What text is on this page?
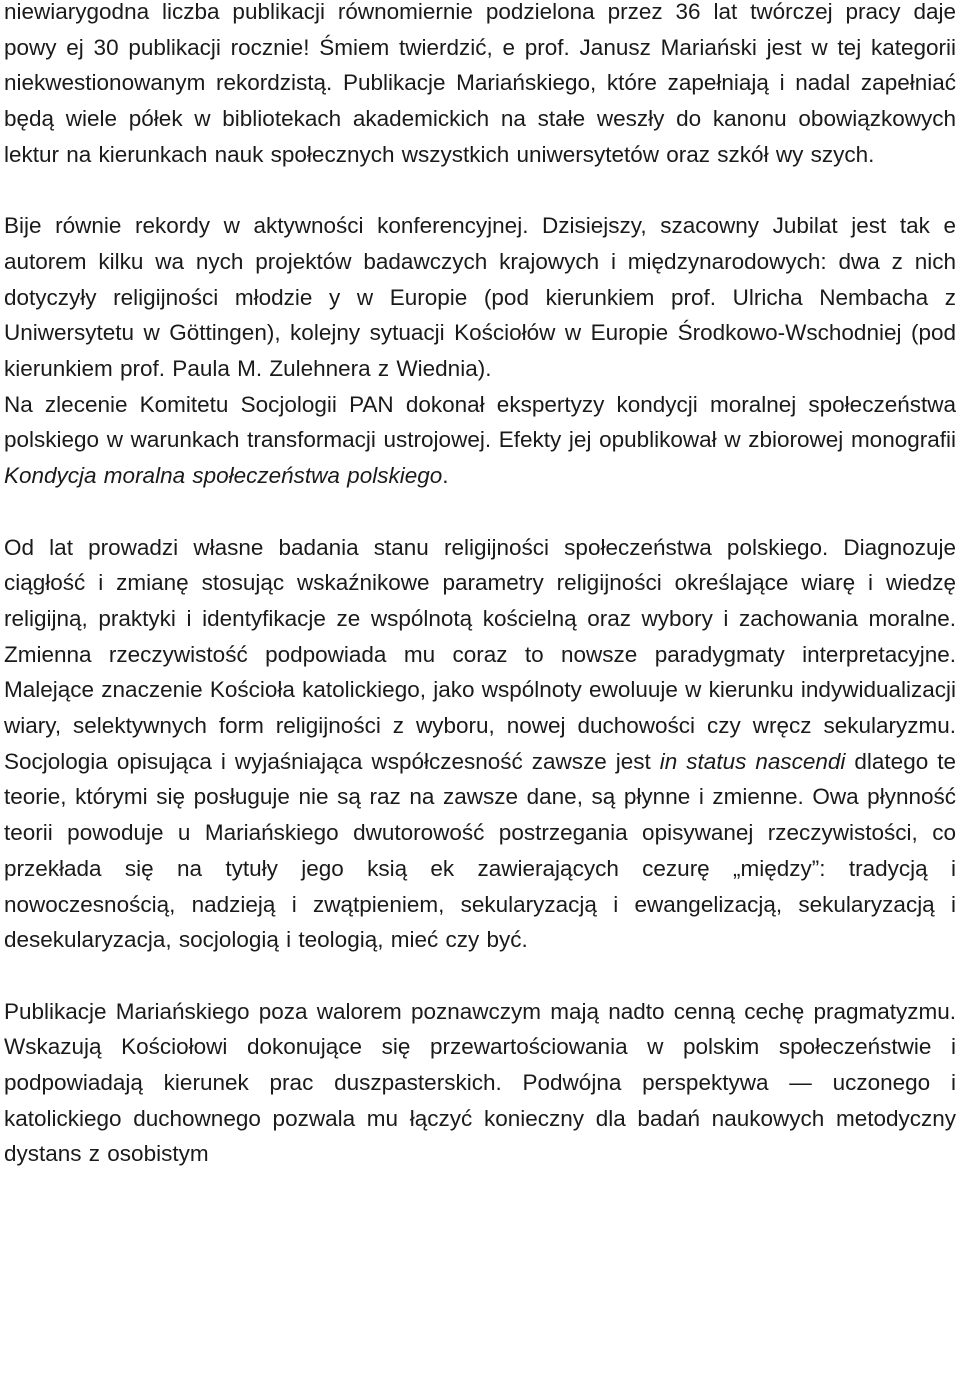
niewiarygodna liczba publikacji równomiernie podzielona przez 36 lat twórczej pracy daje powy ej 30 publikacji rocznie! Śmiem twierdzić, e prof. Janusz Mariański jest w tej kategorii niekwestionowanym rekordzistą. Publikacje Mariańskiego, które zapełniają i nadal zapełniać będą wiele półek w bibliotekach akademickich na stałe weszły do kanonu obowiązkowych lektur na kierunkach nauk społecznych wszystkich uniwersytetów oraz szkół wy szych.

Bije równie rekordy w aktywności konferencyjnej. Dzisiejszy, szacowny Jubilat jest tak e autorem kilku wa nych projektów badawczych krajowych i międzynarodowych: dwa z nich dotyczyły religijności młodzie y w Europie (pod kierunkiem prof. Ulricha Nembacha z Uniwersytetu w Göttingen), kolejny sytuacji Kościołów w Europie Środkowo-Wschodniej (pod kierunkiem prof. Paula M. Zulehnera z Wiednia).

Na zlecenie Komitetu Socjologii PAN dokonał ekspertyzy kondycji moralnej społeczeństwa polskiego w warunkach transformacji ustrojowej. Efekty jej opublikował w zbiorowej monografii Kondycja moralna społeczeństwa polskiego.

Od lat prowadzi własne badania stanu religijności społeczeństwa polskiego. Diagnozuje ciągłość i zmianę stosując wskaźnikowe parametry religijności określające wiarę i wiedzę religijną, praktyki i identyfikacje ze wspólnotą kościelną oraz wybory i zachowania moralne. Zmienna rzeczywistość podpowiada mu coraz to nowsze paradygmaty interpretacyjne. Malejące znaczenie Kościoła katolickiego, jako wspólnoty ewoluuje w kierunku indywidualizacji wiary, selektywnych form religijności z wyboru, nowej duchowości czy wręcz sekularyzmu. Socjologia opisująca i wyjaśniająca współczesność zawsze jest in status nascendi dlatego te teorie, którymi się posługuje nie są raz na zawsze dane, są płynne i zmienne. Owa płynność teorii powoduje u Mariańskiego dwutorowość postrzegania opisywanej rzeczywistości, co przekłada się na tytuły jego ksią ek zawierających cezurę „między”: tradycją i nowoczesnością, nadzieją i zwątpieniem, sekularyzacją i ewangelizacją, sekularyzacją i desekularyzacja, socjologią i teologią, mieć czy być.

Publikacje Mariańskiego poza walorem poznawczym mają nadto cenną cechę pragmatyzmu. Wskazują Kościołowi dokonujące się przewartościowania w polskim społeczeństwie i podpowiadają kierunek prac duszpasterskich. Podwójna perspektywa — uczonego i katolickiego duchownego pozwala mu łączyć konieczny dla badań naukowych metodyczny dystans z osobistym
